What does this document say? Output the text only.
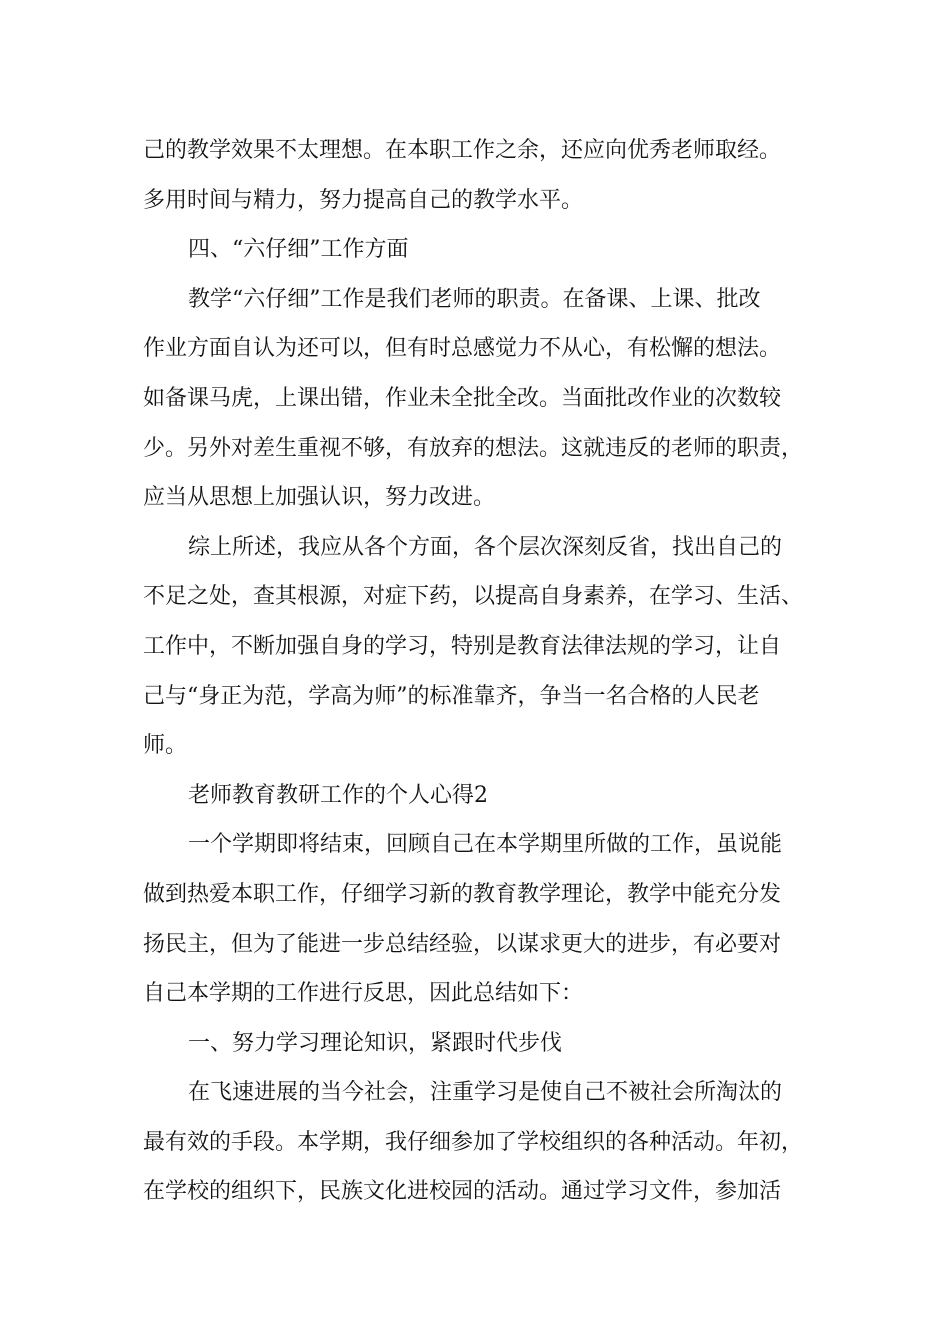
己的教学效果不太理想。在本职工作之余，还应向优秀老师取经。
多用时间与精力，努力提高自己的教学水平。
四、“六仔细”工作方面
教学“六仔细”工作是我们老师的职责。在备课、上课、批改
作业方面自认为还可以，但有时总感觉力不从心，有松懈的想法。
如备课马虎，上课出错，作业未全批全改。当面批改作业的次数较
少。另外对差生重视不够，有放弃的想法。这就违反的老师的职责，
应当从思想上加强认识，努力改进。
综上所述，我应从各个方面，各个层次深刻反省，找出自己的
不足之处，查其根源，对症下药，以提高自身素养，在学习、生活、
工作中，不断加强自身的学习，特别是教育法律法规的学习，让自
己与“身正为范，学高为师”的标准靠齐，争当一名合格的人民老
师。
老师教育教研工作的个人心得2
一个学期即将结束，回顾自己在本学期里所做的工作，虽说能
做到热爱本职工作，仔细学习新的教育教学理论，教学中能充分发
扬民主，但为了能进一步总结经验，以谋求更大的进步，有必要对
自己本学期的工作进行反思，因此总结如下：
一、努力学习理论知识，紧跟时代步伐
在飞速进展的当今社会，注重学习是使自己不被社会所淘汰的
最有效的手段。本学期，我仔细参加了学校组织的各种活动。年初，
在学校的组织下，民族文化进校园的活动。通过学习文件，参加活
